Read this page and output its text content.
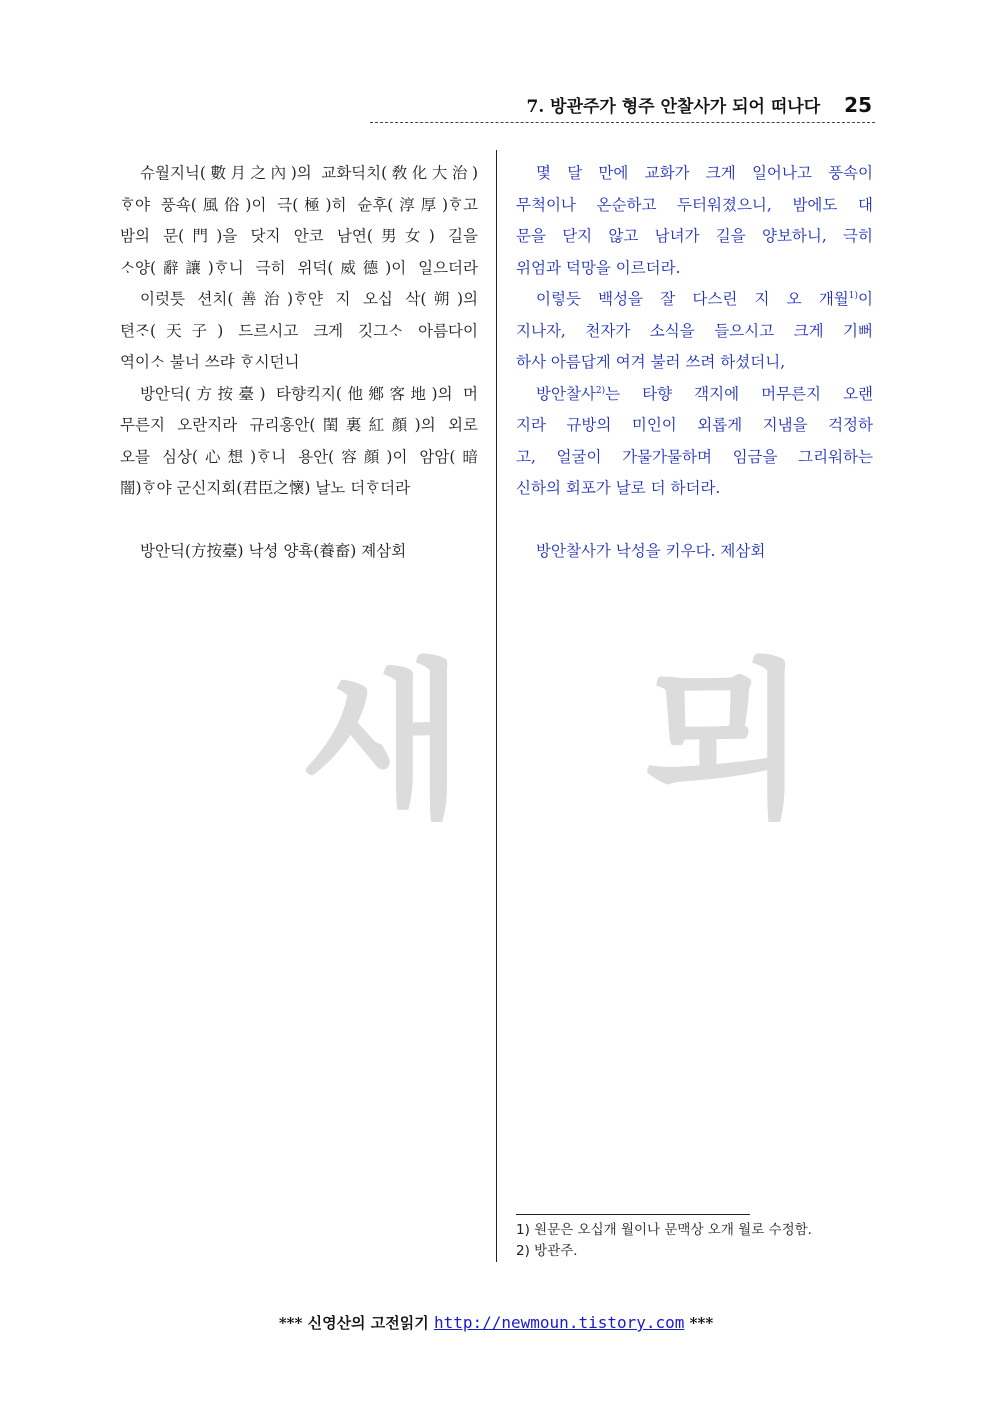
7. 방관주가 형주 안찰사가 되어 떠나다 25
새 뫼

슈월지닉(數月之內)의 교화딕치(敎化大治)

ᄒᆞ야 풍쇽(風俗)이 극(極)히 슌후(淳厚)ᄒᆞ고

밤의 문(門)을 닷지 안코 남연(男女) 길을

ᄉᆞ양(辭讓)ᄒᆞ니 극히 위덕(威德)이 일으더라

이럿틋 션치(善治)ᄒᆞ얀 지 오십 삭(朔)의

텬ᄌᆞ(天子) 드르시고 크게 깃그ᄉᆞ 아름다이

역이ᄉᆞ 불너 쓰랴 ᄒᆞ시던니

방안딕(方按臺) 타향킥지(他鄕客地)의 머

무른지 오란지라 규리홍안(閨裏紅顔)의 외로

오믈 심상(心想)ᄒᆞ니 용안(容顔)이 암암(暗

闇)ᄒᆞ야 군신지회(君臣之懷) 날노 더ᄒᆞ더라

방안딕(方按臺) 낙셩 양휵(養畜) 졔삼회

몇 달 만에 교화가 크게 일어나고 풍속이

무척이나 온순하고 두터워졌으니, 밤에도 대

문을 닫지 않고 남녀가 길을 양보하니, 극히

위엄과 덕망을 이르더라.

이렇듯 백성을 잘 다스린 지 오 개월$^{1)}$이

지나자, 천자가 소식을 들으시고 크게 기뻐

하사 아름답게 여겨 불러 쓰려 하셨더니,

방안찰사$^{2)}$는 타향 객지에 머무른지 오랜

지라 규방의 미인이 외롭게 지냄을 걱정하

고, 얼굴이 가물가물하며 임금을 그리워하는

신하의 회포가 날로 더 하더라.

방안찰사가 낙성을 키우다. 제삼회

1) 원문은 오십개 월이나 문맥상 오개 월로 수정함.
2) 방관주.
*** 신영산의 고전읽기 http://newmoun.tistory.com ***
